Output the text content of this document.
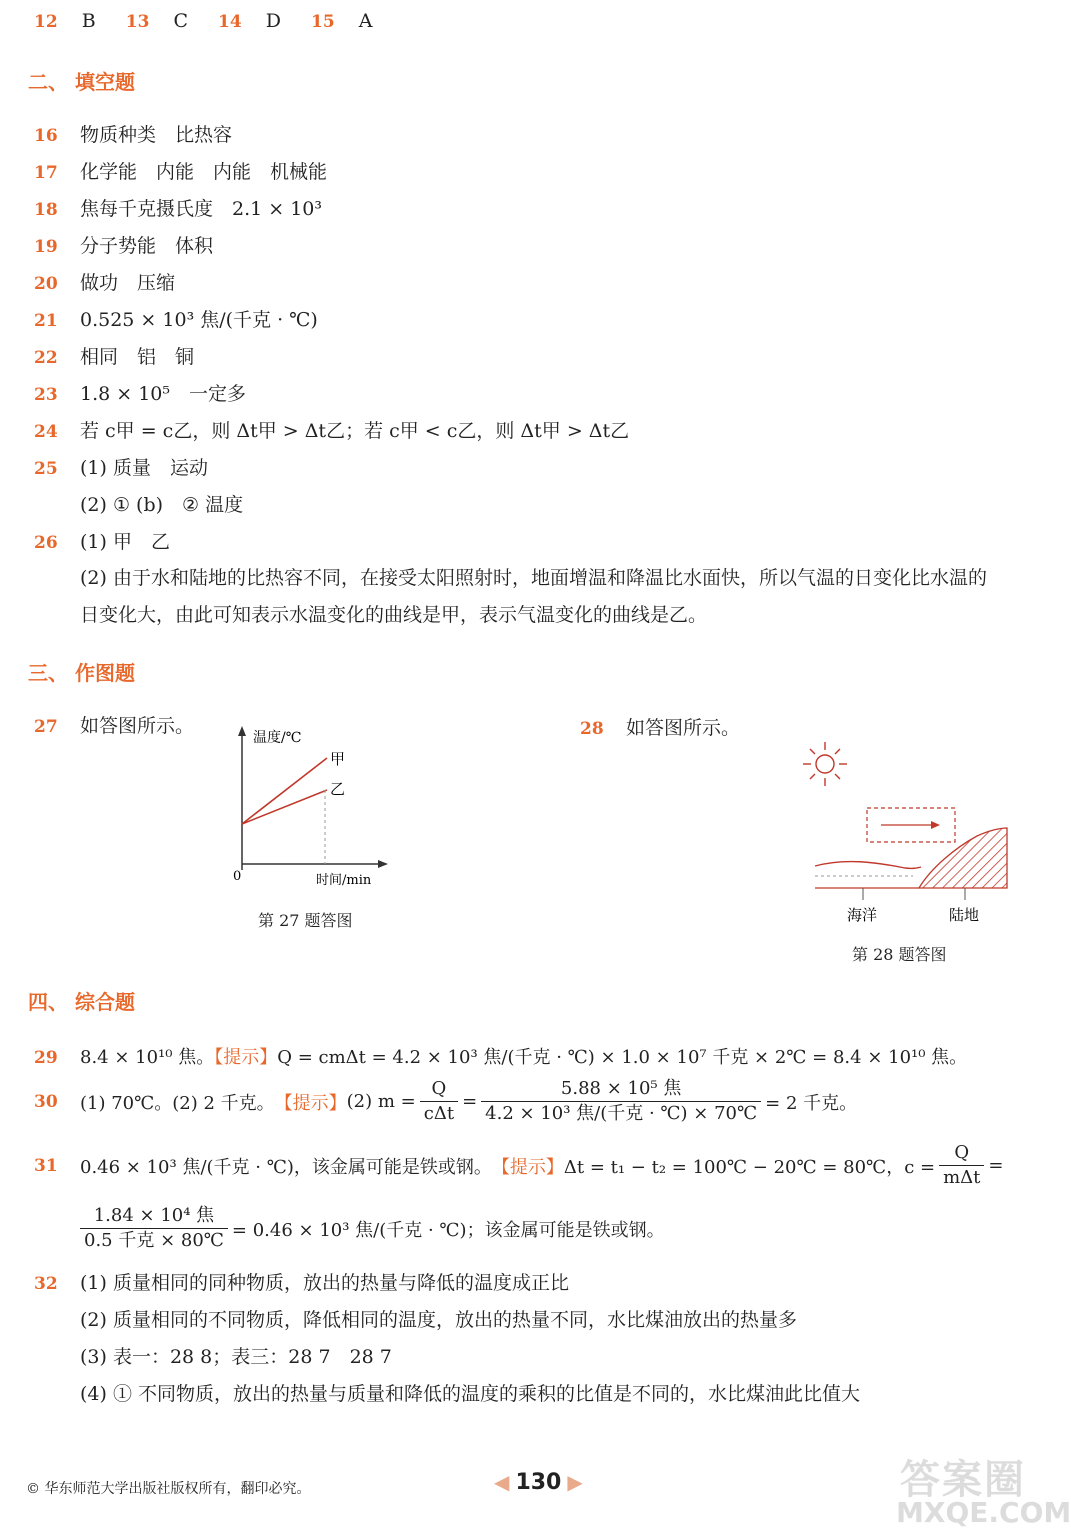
12 B 13 C 14 D 15 A
二、 填空题
16 物质种类　比热容
17 化学能　内能　内能　机械能
18 焦每千克摄氏度　2.1 × 10³
19 分子势能　体积
20 做功　压缩
21 0.525 × 10³ 焦/(千克 · ℃)
22 相同　铝　铜
23 1.8 × 10⁵　一定多
24 若 c甲 = c乙，则 Δt甲 > Δt乙；若 c甲 < c乙，则 Δt甲 > Δt乙
25 (1) 质量　运动
(2) ① (b)　② 温度
26 (1) 甲　乙
(2) 由于水和陆地的比热容不同，在接受太阳照射时，地面增温和降温比水面快，所以气温的日变化比水温的
日变化大，由此可知表示水温变化的曲线是甲，表示气温变化的曲线是乙。
三、 作图题
27 如答图所示。
温度/℃
甲
乙
0	时间/min
第 27 题答图
28 如答图所示。
海洋	陆地
第 28 题答图
四、 综合题
29 8.4 × 10¹⁰ 焦。【提示】Q = cmΔt = 4.2 × 10³ 焦/(千克 · ℃) × 1.0 × 10⁷ 千克 × 2℃ = 8.4 × 10¹⁰ 焦。
30	(1) 70℃。(2) 2 千克。 【提示】 (2) $m = \frac{Q}{\text{cΔt}} = \frac{\text{5.88 × 10⁵ 焦}}{\text{4.2 × 10³ 焦/(千克 · ℃) × 70℃}} = 2$ 千克。
31	0.46 × 10³ 焦/(千克 · ℃)，该金属可能是铁或钢。 【提示】 Δt = t₁ − t₂ = 100℃ − 20℃ = 80℃，$c = \frac{Q}{\text{mΔt}}$ =
$\frac{\text{1.84 × 10⁴ 焦}}{\text{0.5 千克 × 80℃}} = 0.46 \times 10^3$ 焦/(千克 · ℃)；该金属可能是铁或钢。
32 (1) 质量相同的同种物质，放出的热量与降低的温度成正比
(2) 质量相同的不同物质，降低相同的温度，放出的热量不同，水比煤油放出的热量多
(3) 表一：28 8；表三：28 7　28 7
(4) ① 不同物质，放出的热量与质量和降低的温度的乘积的比值是不同的，水比煤油此比值大
© 华东师范大学出版社版权所有，翻印必究。	◀ 130 ▶	答案圈
MXQE.COM
